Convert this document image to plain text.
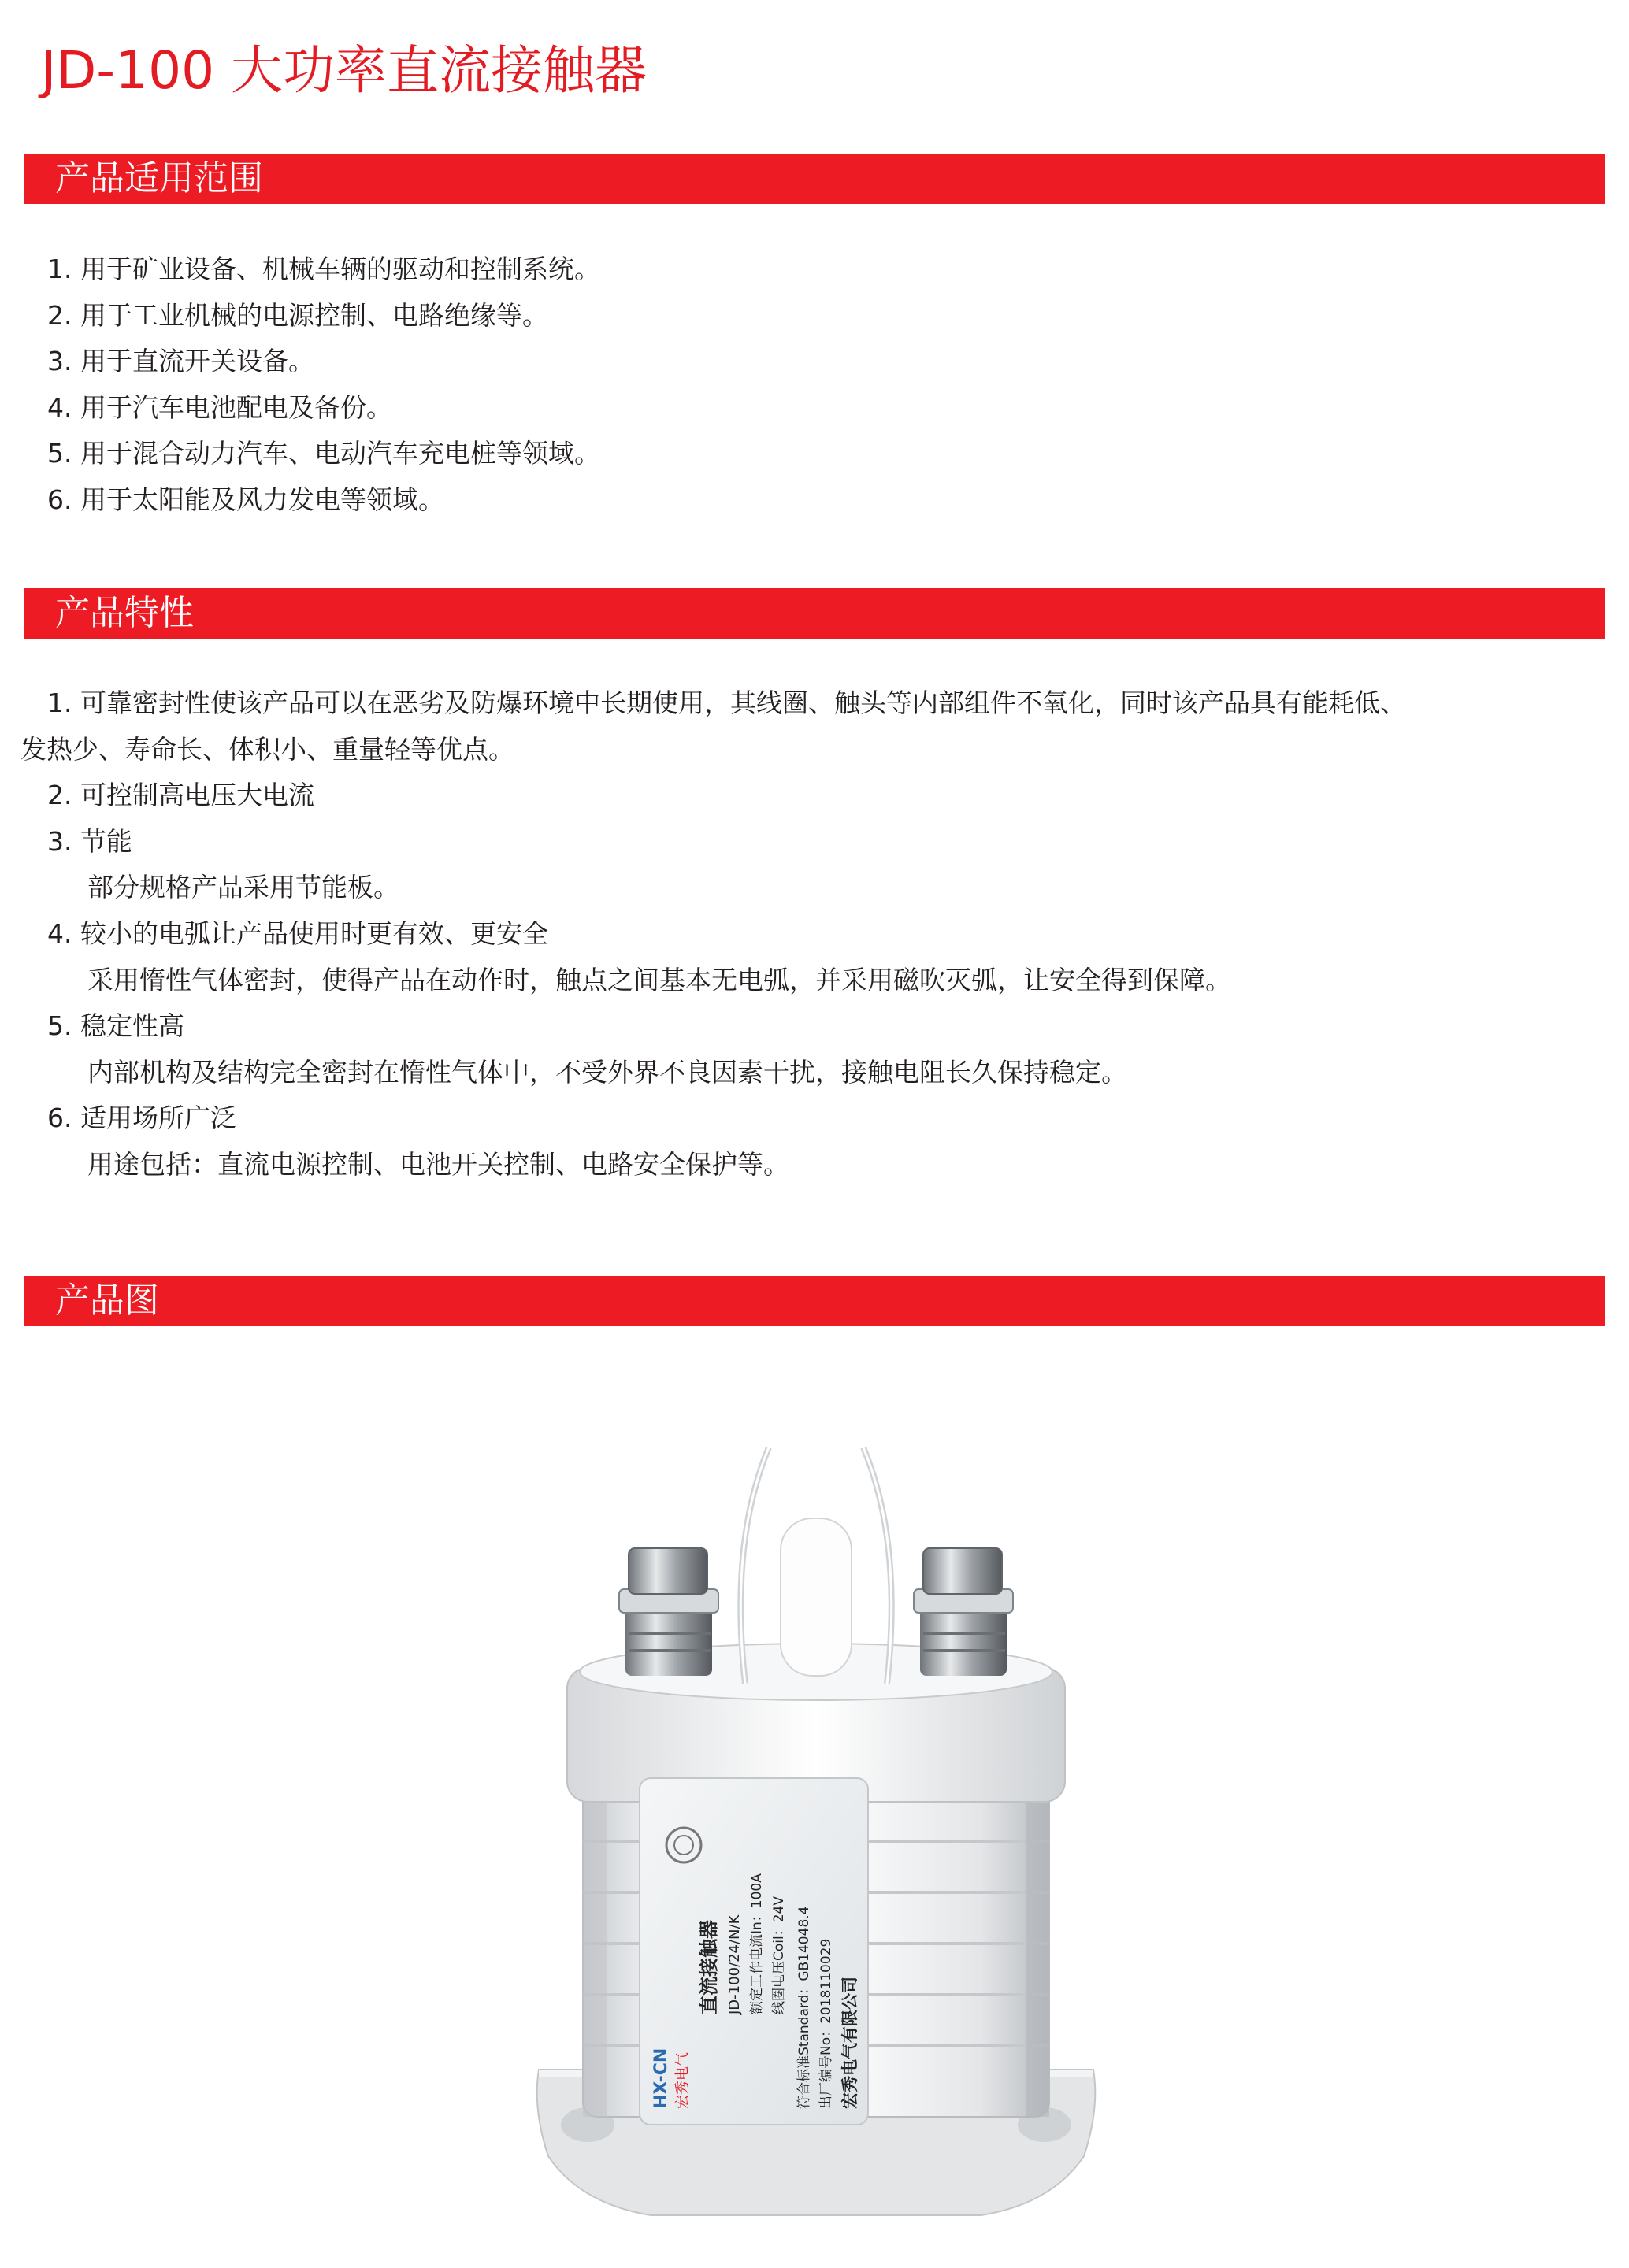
JD-100 大功率直流接触器
产品适用范围
1. 用于矿业设备、机械车辆的驱动和控制系统。
2. 用于工业机械的电源控制、电路绝缘等。
3. 用于直流开关设备。
4. 用于汽车电池配电及备份。
5. 用于混合动力汽车、电动汽车充电桩等领域。
6. 用于太阳能及风力发电等领域。
产品特性
1. 可靠密封性使该产品可以在恶劣及防爆环境中长期使用，其线圈、触头等内部组件不氧化，同时该产品具有能耗低、
发热少、寿命长、体积小、重量轻等优点。
2. 可控制高电压大电流
3. 节能
部分规格产品采用节能板。
4. 较小的电弧让产品使用时更有效、更安全
采用惰性气体密封，使得产品在动作时，触点之间基本无电弧，并采用磁吹灭弧，让安全得到保障。
5. 稳定性高
内部机构及结构完全密封在惰性气体中，不受外界不良因素干扰，接触电阻长久保持稳定。
6. 适用场所广泛
用途包括：直流电源控制、电池开关控制、电路安全保护等。
产品图
HX-CN 宏秀电气
直流接触器 JD-100/24/N/K 额定工作电流In：100A 线圈电压Coil：24V 符合标准Standard：GB14048.4 出厂编号No：2018110029 宏秀电气有限公司
